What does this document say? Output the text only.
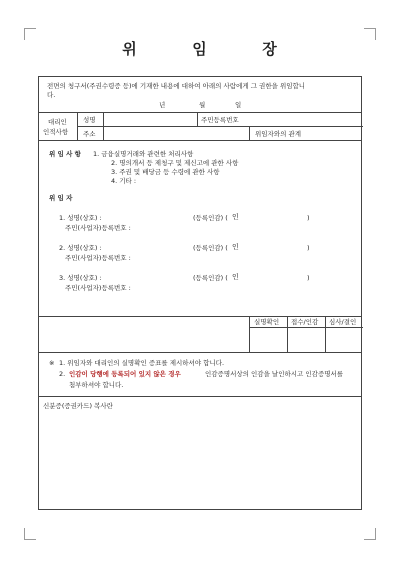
위	임	장
전면의 청구서(주권수령증 등)에 기재한 내용에 대하여 아래의 사람에게 그 권한을 위임합니
다.
년	월	일
대리인
인적사항
성명	주민등록번호
주소	위임자와의 관계
위 임 사 항 1. 금융실명거래와 관련한 처리사항
2. 명의개서 등 제청구 및 제신고에 관한 사항
3. 주권 및 배당금 등 수령에 관한 사항
4. 기타 :
위 임 자
1. 성명(상호) :	(등록인감) ( 인	)
주민(사업자)등록번호 :
2. 성명(상호) :	(등록인감) ( 인	)
주민(사업자)등록번호 :
3. 성명(상호) :	(등록인감) ( 인	)
주민(사업자)등록번호 :
실명확인 접수/인감 심사/결인
※ 1. 위임자와 대리인의 실명확인 증표를 제시하셔야 합니다.
2. 인감이 당행에 등록되어 있지 않은 경우	인감증명서상의 인감을 날인하시고 인감증명서를
첨부하셔야 합니다.
신분증(증권카드) 복사란
